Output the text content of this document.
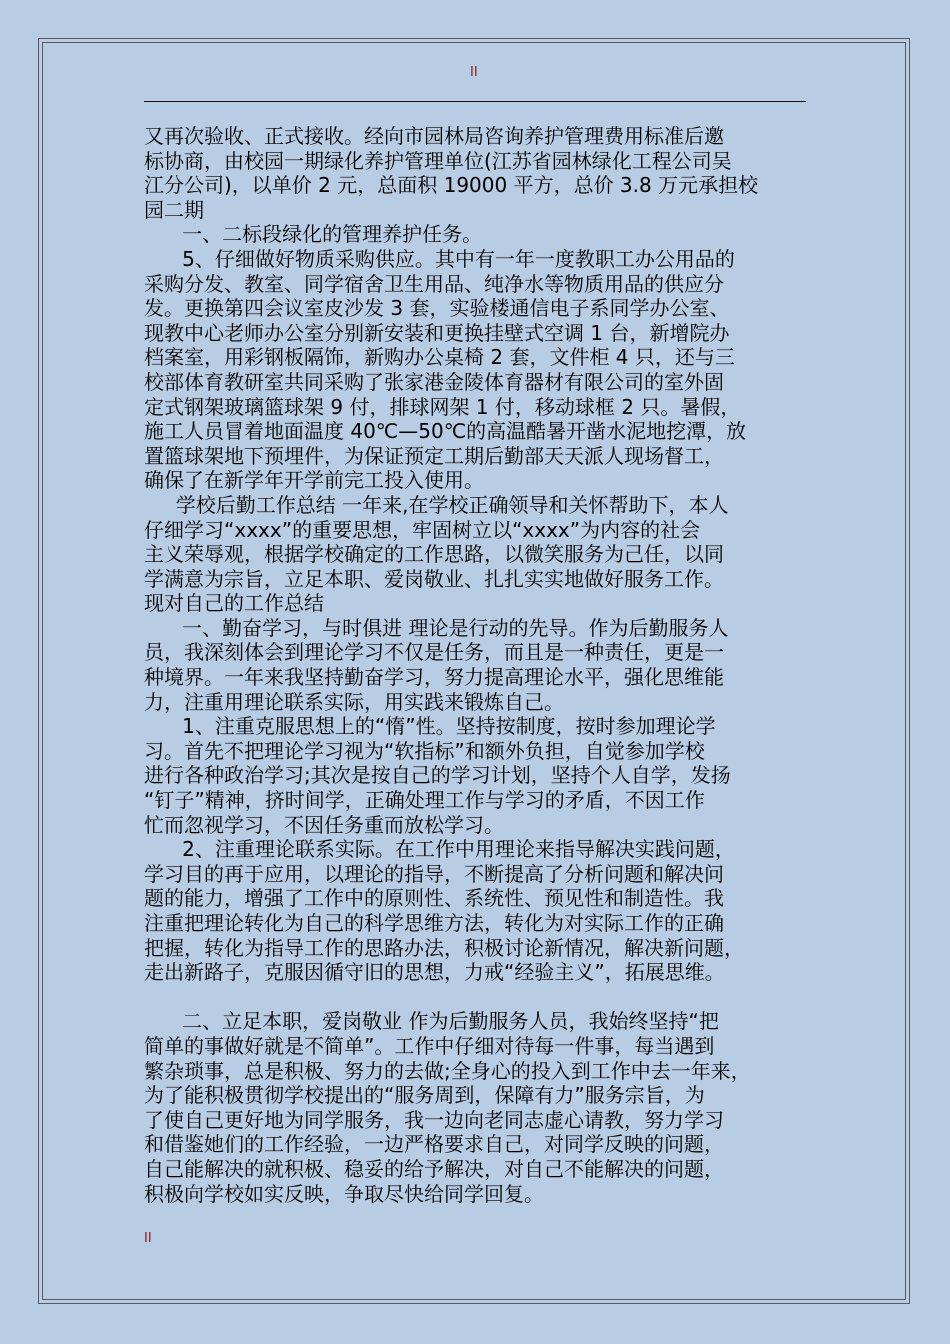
II

又再次验收、正式接收。经向市园林局咨询养护管理费用标准后邀

标协商，由校园一期绿化养护管理单位(江苏省园林绿化工程公司吴

江分公司)，以单价 2 元，总面积 19000 平方，总价 3.8 万元承担校

园二期

一、二标段绿化的管理养护任务。

5、仔细做好物质采购供应。其中有一年一度教职工办公用品的

采购分发、教室、同学宿舍卫生用品、纯净水等物质用品的供应分

发。更换第四会议室皮沙发 3 套，实验楼通信电子系同学办公室、

现教中心老师办公室分别新安装和更换挂壁式空调 1 台，新增院办

档案室，用彩钢板隔饰，新购办公桌椅 2 套，文件柜 4 只，还与三

校部体育教研室共同采购了张家港金陵体育器材有限公司的室外固

定式钢架玻璃篮球架 9 付，排球网架 1 付，移动球框 2 只。暑假，

施工人员冒着地面温度 40℃—50℃的高温酷暑开凿水泥地挖潭，放

置篮球架地下预埋件，为保证预定工期后勤部天天派人现场督工，

确保了在新学年开学前完工投入使用。

学校后勤工作总结 一年来,在学校正确领导和关怀帮助下，本人

仔细学习“xxxx”的重要思想，牢固树立以“xxxx”为内容的社会

主义荣辱观，根据学校确定的工作思路，以微笑服务为己任，以同

学满意为宗旨，立足本职、爱岗敬业、扎扎实实地做好服务工作。

现对自己的工作总结

一、勤奋学习，与时俱进 理论是行动的先导。作为后勤服务人

员，我深刻体会到理论学习不仅是任务，而且是一种责任，更是一

种境界。一年来我坚持勤奋学习，努力提高理论水平，强化思维能

力，注重用理论联系实际，用实践来锻炼自己。

1、注重克服思想上的“惰”性。坚持按制度，按时参加理论学

习。首先不把理论学习视为“软指标”和额外负担，自觉参加学校

进行各种政治学习;其次是按自己的学习计划，坚持个人自学，发扬

“钉子”精神，挤时间学，正确处理工作与学习的矛盾，不因工作

忙而忽视学习，不因任务重而放松学习。

2、注重理论联系实际。在工作中用理论来指导解决实践问题，

学习目的再于应用，以理论的指导，不断提高了分析问题和解决问

题的能力，增强了工作中的原则性、系统性、预见性和制造性。我

注重把理论转化为自己的科学思维方法，转化为对实际工作的正确

把握，转化为指导工作的思路办法，积极讨论新情况，解决新问题，

走出新路子，克服因循守旧的思想，力戒“经验主义”，拓展思维。

二、立足本职，爱岗敬业 作为后勤服务人员，我始终坚持“把

简单的事做好就是不简单”。工作中仔细对待每一件事，每当遇到

繁杂琐事，总是积极、努力的去做;全身心的投入到工作中去一年来，

为了能积极贯彻学校提出的“服务周到，保障有力”服务宗旨，为

了使自己更好地为同学服务，我一边向老同志虚心请教，努力学习

和借鉴她们的工作经验，一边严格要求自己，对同学反映的问题，

自己能解决的就积极、稳妥的给予解决，对自己不能解决的问题，

积极向学校如实反映，争取尽快给同学回复。

II
